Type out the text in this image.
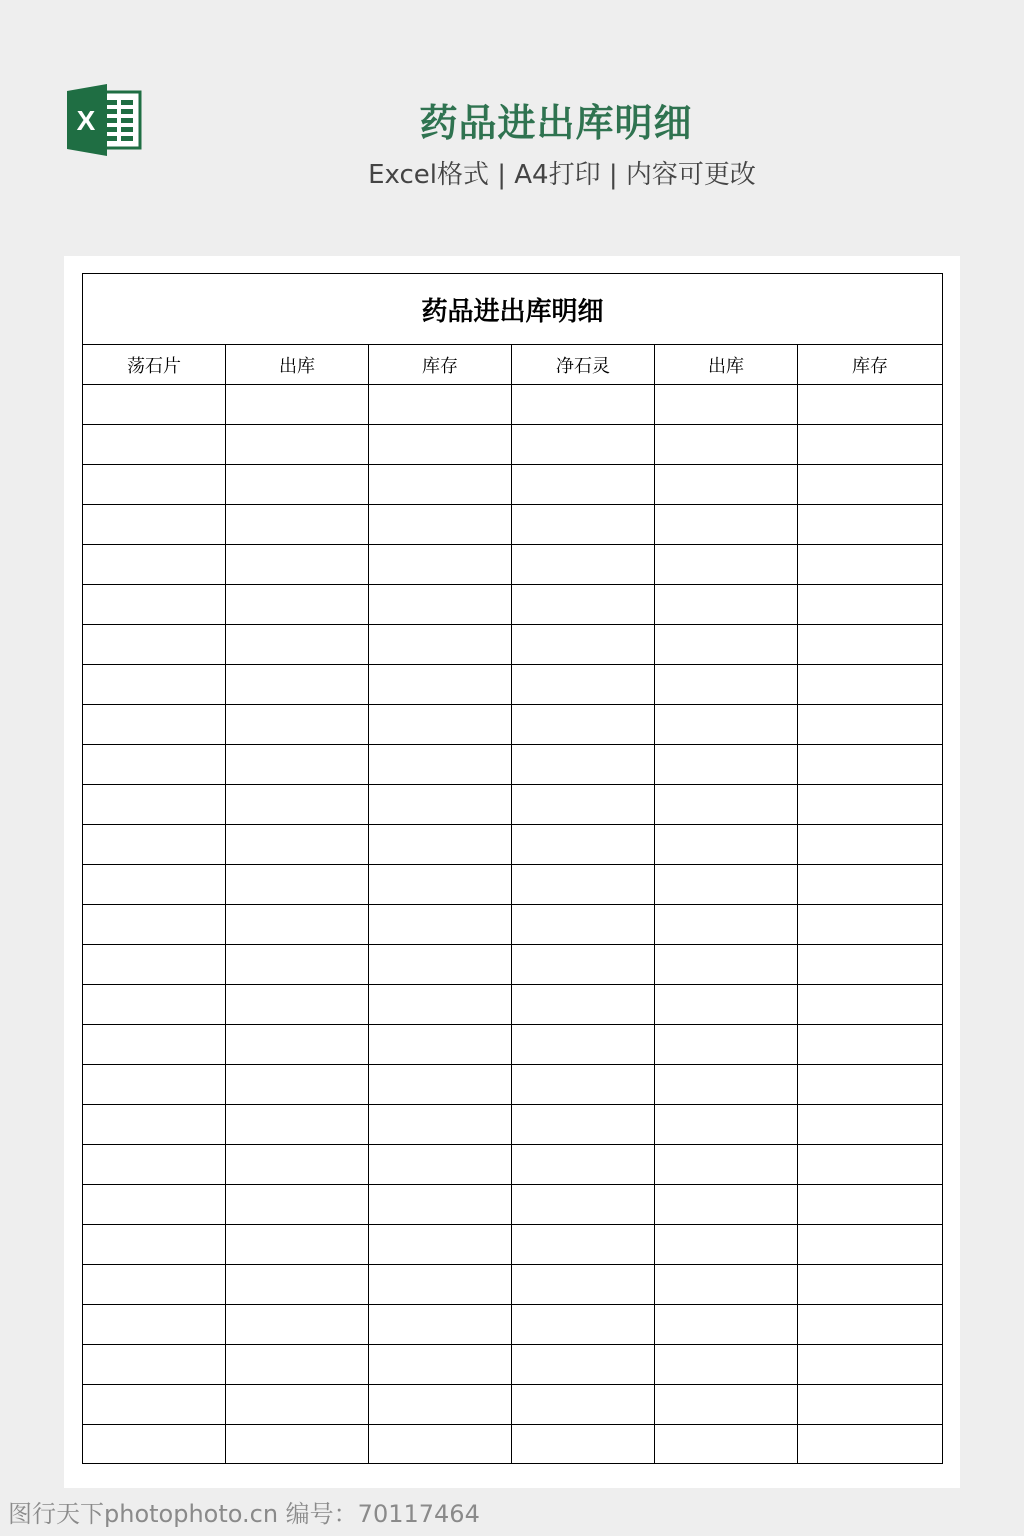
X	药品进出库明细
Excel格式 | A4打印 | 内容可更改
药品进出库明细					
荡石片	出库	库存	净石灵	出库	库存

图行天下photophoto.cn 编号：70117464
